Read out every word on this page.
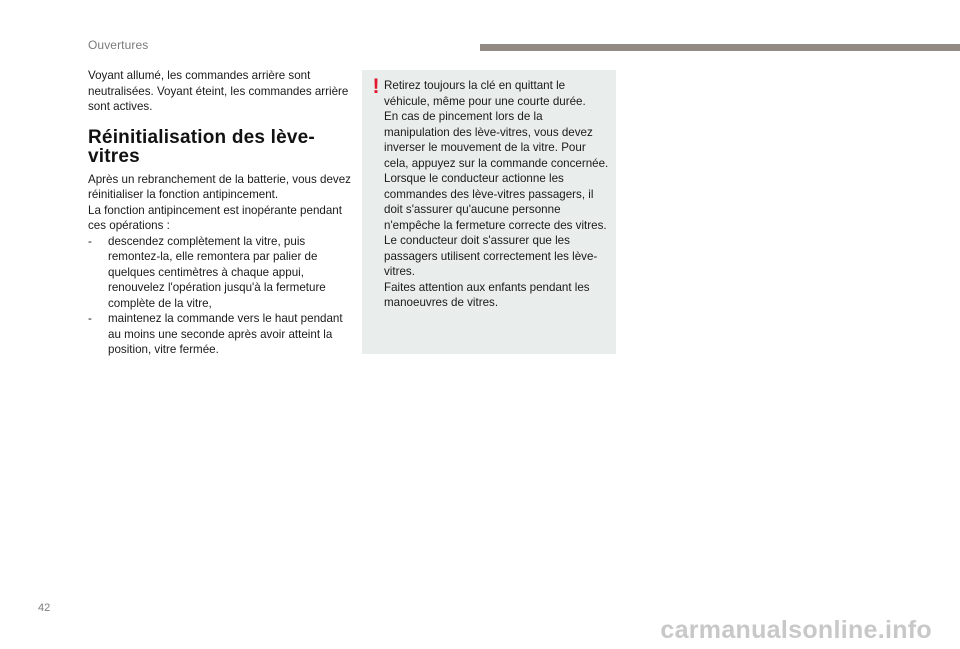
Ouvertures

Voyant allumé, les commandes arrière sont neutralisées. Voyant éteint, les commandes arrière sont actives.

Réinitialisation des lève-
vitres

Après un rebranchement de la batterie, vous devez réinitialiser la fonction antipincement.

La fonction antipincement est inopérante pendant ces opérations :

- descendez complètement la vitre, puis remontez-la, elle remontera par palier de quelques centimètres à chaque appui, renouvelez l'opération jusqu'à la fermeture complète de la vitre,
- maintenez la commande vers le haut pendant au moins une seconde après avoir atteint la position, vitre fermée.
! Retirez toujours la clé en quittant le véhicule, même pour une courte durée.

En cas de pincement lors de la manipulation des lève-vitres, vous devez inverser le mouvement de la vitre. Pour cela, appuyez sur la commande concernée.

Lorsque le conducteur actionne les commandes des lève-vitres passagers, il doit s'assurer qu'aucune personne n'empêche la fermeture correcte des vitres.

Le conducteur doit s'assurer que les passagers utilisent correctement les lève-vitres.

Faites attention aux enfants pendant les manoeuvres de vitres.

42
carmanualsonline.info
